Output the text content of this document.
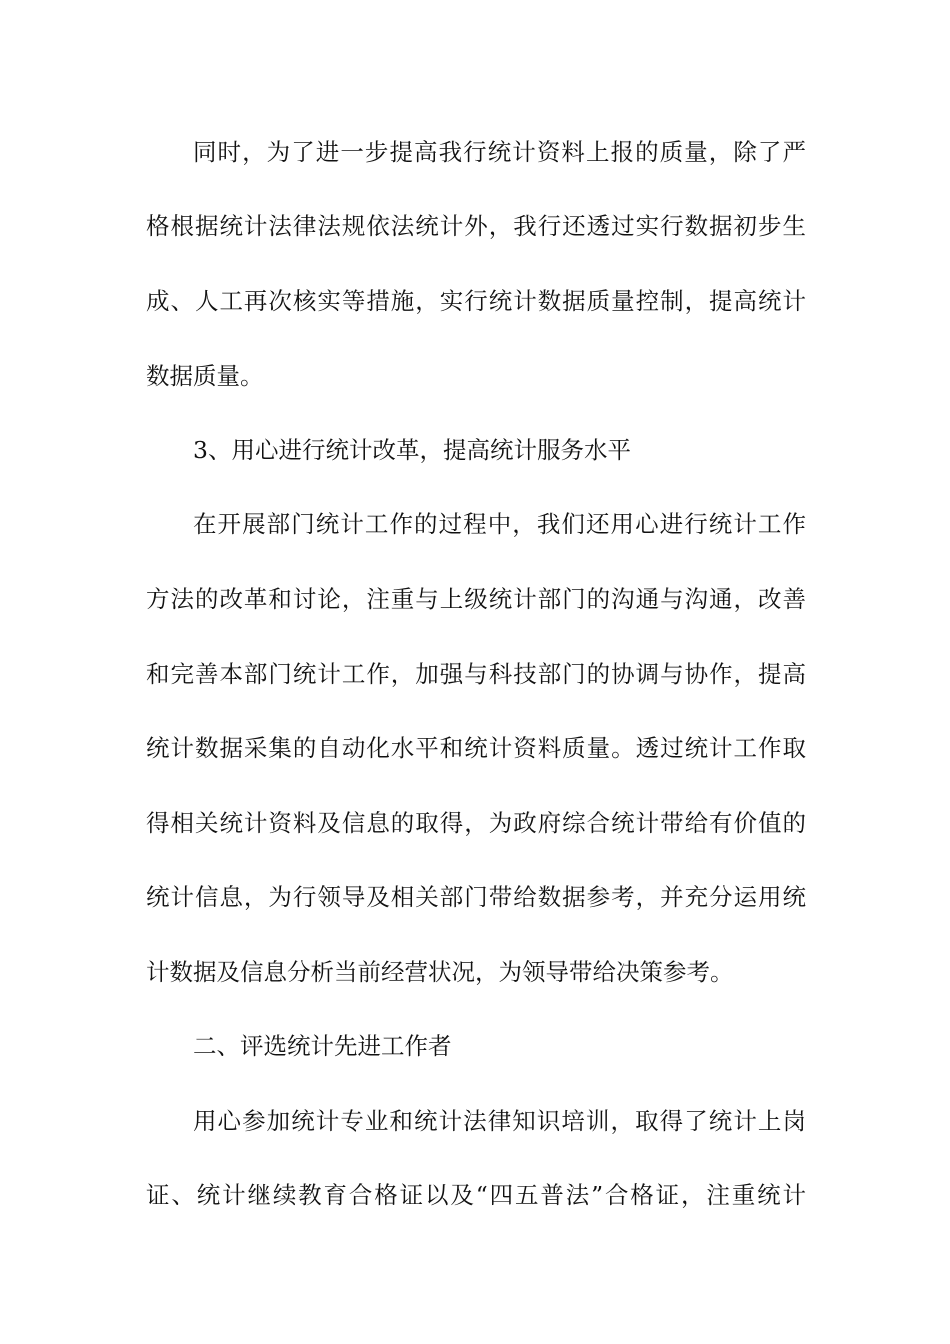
同时，为了进一步提高我行统计资料上报的质量，除了严
格根据统计法律法规依法统计外，我行还透过实行数据初步生
成、人工再次核实等措施，实行统计数据质量控制，提高统计
数据质量。
3、用心进行统计改革，提高统计服务水平
在开展部门统计工作的过程中，我们还用心进行统计工作
方法的改革和讨论，注重与上级统计部门的沟通与沟通，改善
和完善本部门统计工作，加强与科技部门的协调与协作，提高
统计数据采集的自动化水平和统计资料质量。透过统计工作取
得相关统计资料及信息的取得，为政府综合统计带给有价值的
统计信息，为行领导及相关部门带给数据参考，并充分运用统
计数据及信息分析当前经营状况，为领导带给决策参考。
二、评选统计先进工作者
用心参加统计专业和统计法律知识培训，取得了统计上岗
证、统计继续教育合格证以及“四五普法”合格证，注重统计
